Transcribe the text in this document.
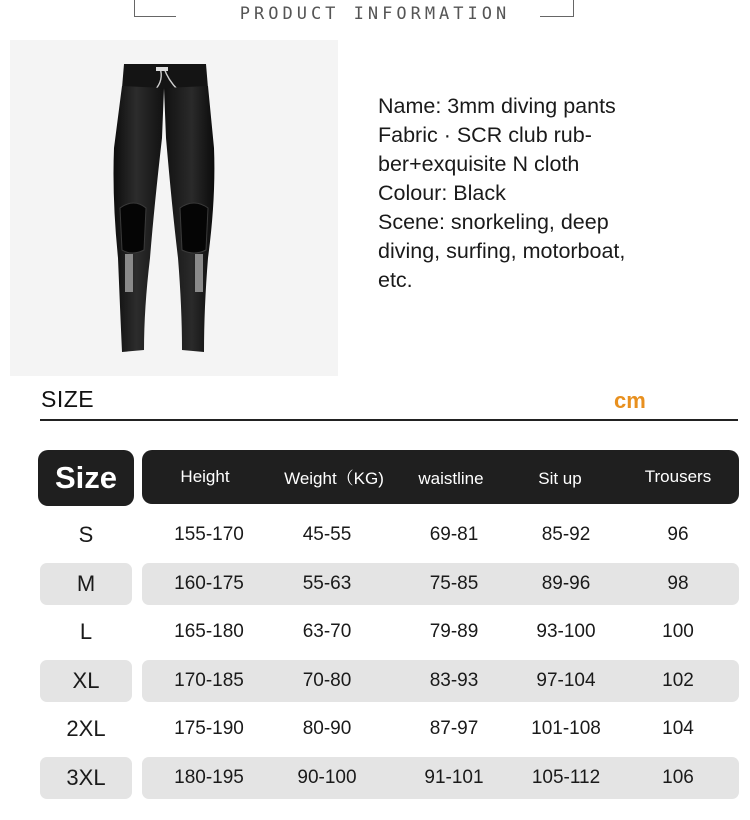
PRODUCT INFORMATION
Name: 3mm diving pants
Fabric · SCR club rub-
ber+exquisite N cloth
Colour: Black
Scene: snorkeling, deep
diving, surfing, motorboat,
etc.
SIZE	cm
Size	Height	Weight（KG)	waistline	Sit up	Trousers
S	155-170	45-55	69-81	85-92	96
M	160-175	55-63	75-85	89-96	98
L	165-180	63-70	79-89	93-100	100
XL	170-185	70-80	83-93	97-104	102
2XL	175-190	80-90	87-97	101-108	104
3XL	180-195	90-100	91-101	105-112	106
